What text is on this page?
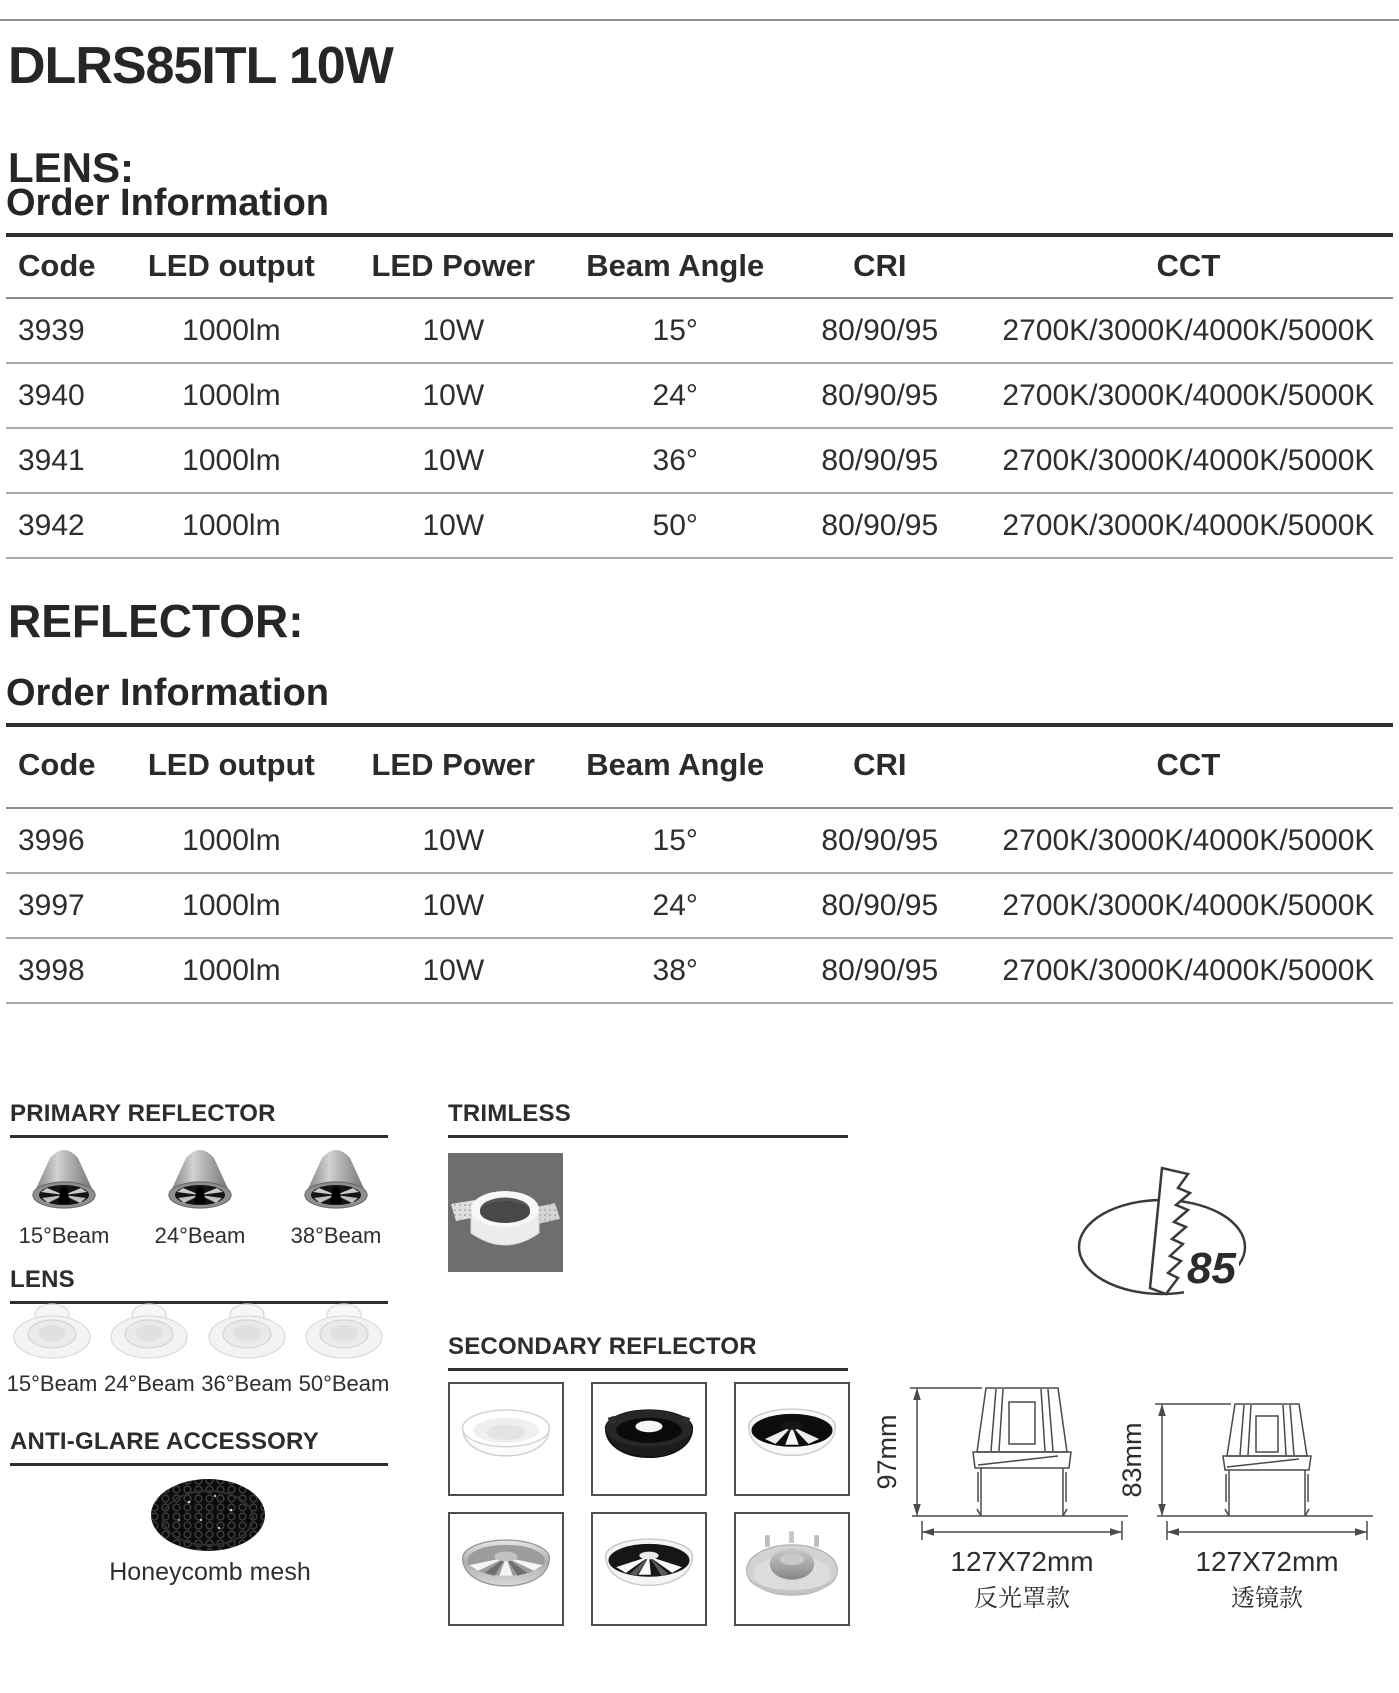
DLRS85ITL 10W
LENS:
Order Information
Code	LED output	LED Power	Beam Angle	CRI	CCT
3939	1000lm	10W	15°	80/90/95	2700K/3000K/4000K/5000K
3940	1000lm	10W	24°	80/90/95	2700K/3000K/4000K/5000K
3941	1000lm	10W	36°	80/90/95	2700K/3000K/4000K/5000K
3942	1000lm	10W	50°	80/90/95	2700K/3000K/4000K/5000K
REFLECTOR:
Order Information
Code	LED output	LED Power	Beam Angle	CRI	CCT
3996	1000lm	10W	15°	80/90/95	2700K/3000K/4000K/5000K
3997	1000lm	10W	24°	80/90/95	2700K/3000K/4000K/5000K
3998	1000lm	10W	38°	80/90/95	2700K/3000K/4000K/5000K
PRIMARY REFLECTOR
15°Beam 24°Beam 38°Beam
LENS
15°Beam 24°Beam 36°Beam 50°Beam
ANTI-GLARE ACCESSORY
Honeycomb mesh
TRIMLESS
SECONDARY REFLECTOR
85
97mm
127X72mm
反光罩款
83mm
127X72mm
透镜款
